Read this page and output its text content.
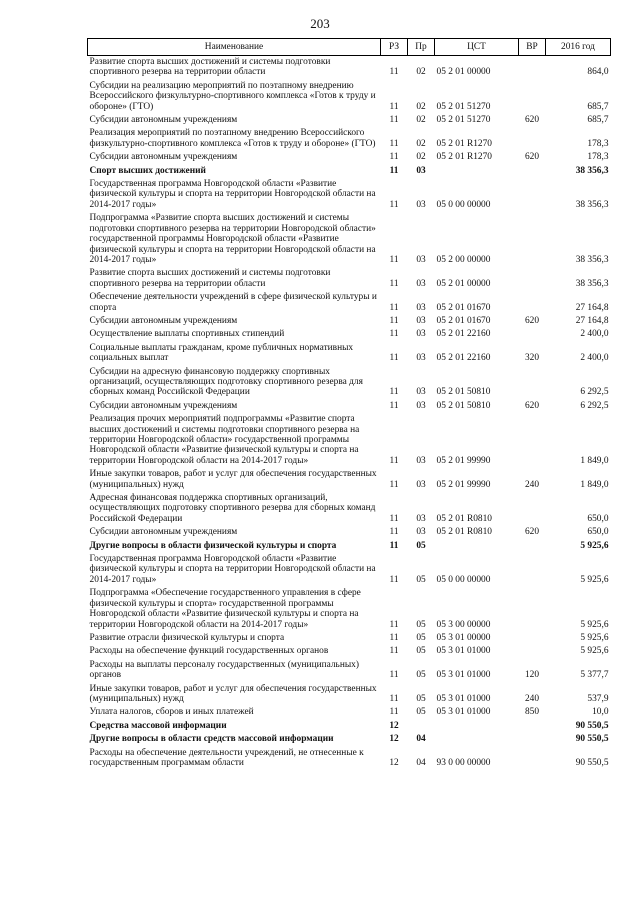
203
Наименование	РЗ	Пр	ЦСТ	ВР	2016 год
Развитие спорта высших достижений и системы подготовки спортивного резерва на территории области	11	02	05 2 01 00000		864,0
Субсидии на реализацию мероприятий по поэтапному внедрению Всероссийского физкультурно-спортивного комплекса «Готов к труду и обороне» (ГТО)	11	02	05 2 01 51270		685,7
Субсидии автономным учреждениям	11	02	05 2 01 51270	620	685,7
Реализация мероприятий по поэтапному внедрению Всероссийского физкультурно-спортивного комплекса «Готов к труду и обороне» (ГТО)	11	02	05 2 01 R1270		178,3
Субсидии автономным учреждениям	11	02	05 2 01 R1270	620	178,3
Спорт высших достижений	11	03			38 356,3
Государственная программа Новгородской области «Развитие физической культуры и спорта на территории Новгородской области на 2014-2017 годы»	11	03	05 0 00 00000		38 356,3
Подпрограмма «Развитие спорта высших достижений и системы подготовки спортивного резерва на территории Новгородской области» государственной программы Новгородской области «Развитие физической культуры и спорта на территории Новгородской области на 2014-2017 годы»	11	03	05 2 00 00000		38 356,3
Развитие спорта высших достижений и системы подготовки спортивного резерва на территории области	11	03	05 2 01 00000		38 356,3
Обеспечение деятельности учреждений в сфере физической культуры и спорта	11	03	05 2 01 01670		27 164,8
Субсидии автономным учреждениям	11	03	05 2 01 01670	620	27 164,8
Осуществление выплаты спортивных стипендий	11	03	05 2 01 22160		2 400,0
Социальные выплаты гражданам, кроме публичных нормативных социальных выплат	11	03	05 2 01 22160	320	2 400,0
Субсидии на адресную финансовую поддержку спортивных организаций, осуществляющих подготовку спортивного резерва для сборных команд Российской Федерации	11	03	05 2 01 50810		6 292,5
Субсидии автономным учреждениям	11	03	05 2 01 50810	620	6 292,5
Реализация прочих мероприятий подпрограммы «Развитие спорта высших достижений и системы подготовки спортивного резерва на территории Новгородской области» государственной программы Новгородской области «Развитие физической культуры и спорта на территории Новгородской области на 2014-2017 годы»	11	03	05 2 01 99990		1 849,0
Иные закупки товаров, работ и услуг для обеспечения государственных (муниципальных) нужд	11	03	05 2 01 99990	240	1 849,0
Адресная финансовая поддержка спортивных организаций, осуществляющих подготовку спортивного резерва для сборных команд Российской Федерации	11	03	05 2 01 R0810		650,0
Субсидии автономным учреждениям	11	03	05 2 01 R0810	620	650,0
Другие вопросы в области физической культуры и спорта	11	05			5 925,6
Государственная программа Новгородской области «Развитие физической культуры и спорта на территории Новгородской области на 2014-2017 годы»	11	05	05 0 00 00000		5 925,6
Подпрограмма «Обеспечение государственного управления в сфере физической культуры и спорта» государственной программы Новгородской области «Развитие физической культуры и спорта на территории Новгородской области на 2014-2017 годы»	11	05	05 3 00 00000		5 925,6
Развитие отрасли физической культуры и спорта	11	05	05 3 01 00000		5 925,6
Расходы на обеспечение функций государственных органов	11	05	05 3 01 01000		5 925,6
Расходы на выплаты персоналу государственных (муниципальных) органов	11	05	05 3 01 01000	120	5 377,7
Иные закупки товаров, работ и услуг для обеспечения государственных (муниципальных) нужд	11	05	05 3 01 01000	240	537,9
Уплата налогов, сборов и иных платежей	11	05	05 3 01 01000	850	10,0
Средства массовой информации	12				90 550,5
Другие вопросы в области средств массовой информации	12	04			90 550,5
Расходы на обеспечение деятельности учреждений, не отнесенные к государственным программам области	12	04	93 0 00 00000		90 550,5
